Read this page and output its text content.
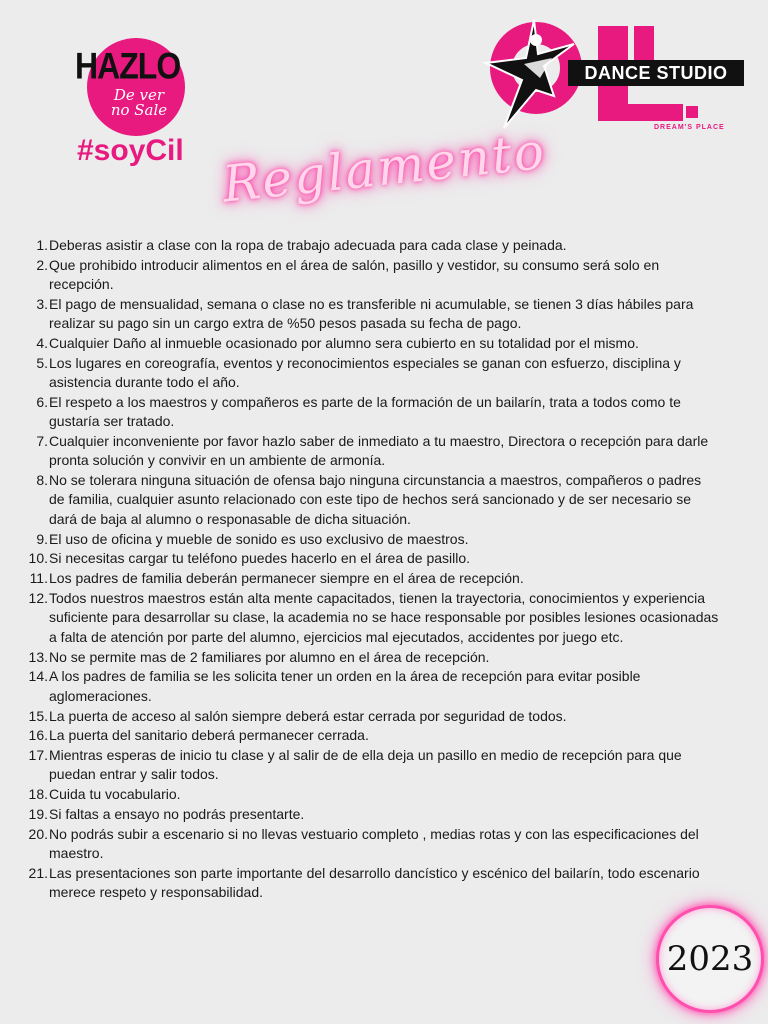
HAZLO
De ver
no Sale
#soyCil
DANCE STUDIO
DREAM'S PLACE
Reglamento
1. Deberas asistir a clase con la ropa de trabajo adecuada para cada clase y peinada.
2. Que prohibido introducir alimentos en el área de salón, pasillo y vestidor, su consumo será solo en recepción.
3. El pago de mensualidad, semana o clase no es transferible ni acumulable, se tienen 3 días hábiles para realizar su pago sin un cargo extra de %50 pesos pasada su fecha de pago.
4. Cualquier Daño al inmueble ocasionado por alumno sera cubierto en su totalidad por el mismo.
5. Los lugares en coreografía, eventos y reconocimientos especiales se ganan con esfuerzo, disciplina y asistencia durante todo el año.
6. El respeto a los maestros y compañeros es parte de la formación de un bailarín, trata a todos como te gustaría ser tratado.
7. Cualquier inconveniente por favor hazlo saber de inmediato a tu maestro, Directora o recepción para darle pronta solución y convivir en un ambiente de armonía.
8. No se tolerara ninguna situación de ofensa bajo ninguna circunstancia a maestros, compañeros o padres de familia, cualquier asunto relacionado con este tipo de hechos será sancionado y de ser necesario se dará de baja al alumno o responasable de dicha situación.
9. El uso de oficina y mueble de sonido es uso exclusivo de maestros.
10. Si necesitas cargar tu teléfono puedes hacerlo en el área de pasillo.
11. Los padres de familia deberán permanecer siempre en el área de recepción.
12. Todos nuestros maestros están alta mente capacitados, tienen la trayectoria, conocimientos y experiencia suficiente para desarrollar su clase, la academia no se hace responsable por posibles lesiones ocasionadas a falta de atención por parte del alumno, ejercicios mal ejecutados, accidentes por juego etc.
13. No se permite mas de 2 familiares por alumno en el área de recepción.
14. A los padres de familia se les solicita tener un orden en la área de recepción para evitar posible aglomeraciones.
15. La puerta de acceso al salón siempre deberá estar cerrada por seguridad de todos.
16. La puerta del sanitario deberá permanecer cerrada.
17. Mientras esperas de inicio tu clase y al salir de de ella deja un pasillo en medio de recepción para que puedan entrar y salir todos.
18. Cuida tu vocabulario.
19. Si faltas a ensayo no podrás presentarte.
20. No podrás subir a escenario si no llevas vestuario completo , medias rotas y con las especificaciones del maestro.
21. Las presentaciones son parte importante del desarrollo dancístico y escénico del bailarín, todo escenario merece respeto y responsabilidad.
2023
